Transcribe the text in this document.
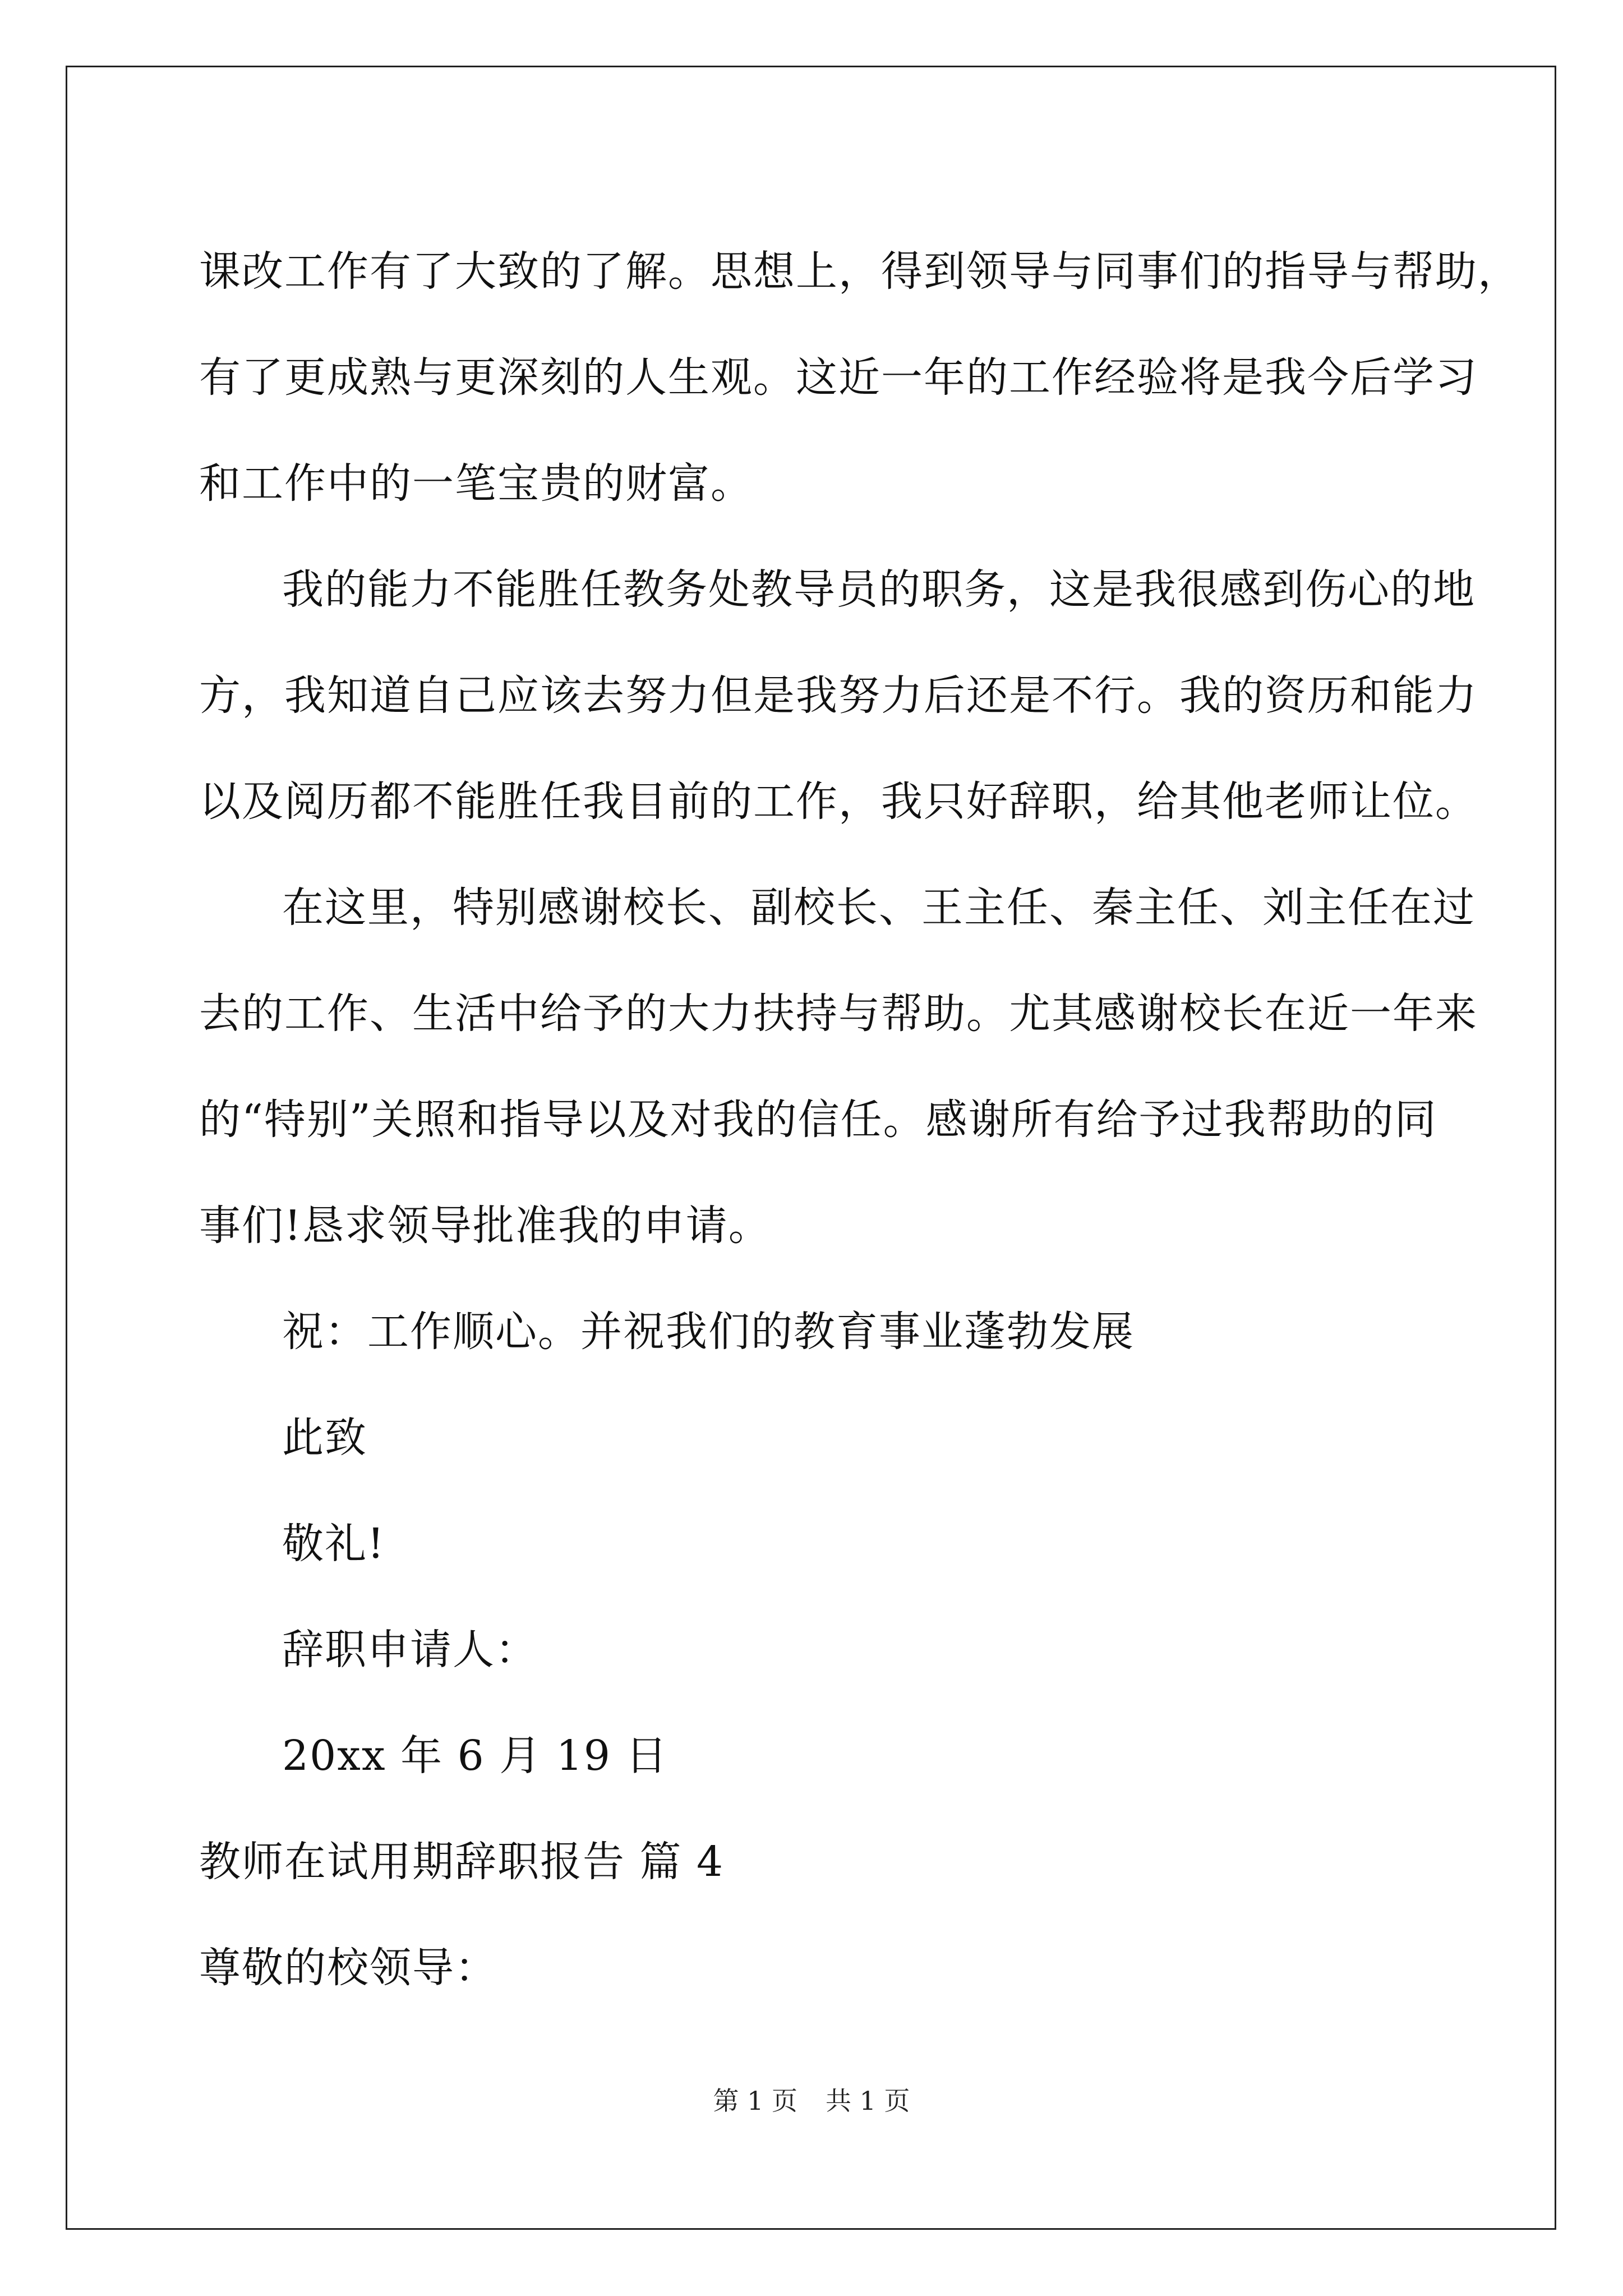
课改工作有了大致的了解。思想上，得到领导与同事们的指导与帮助，
有了更成熟与更深刻的人生观。这近一年的工作经验将是我今后学习
和工作中的一笔宝贵的财富。
我的能力不能胜任教务处教导员的职务，这是我很感到伤心的地
方，我知道自己应该去努力但是我努力后还是不行。我的资历和能力
以及阅历都不能胜任我目前的工作，我只好辞职，给其他老师让位。
在这里，特别感谢校长、副校长、王主任、秦主任、刘主任在过
去的工作、生活中给予的大力扶持与帮助。尤其感谢校长在近一年来
的“特别”关照和指导以及对我的信任。感谢所有给予过我帮助的同
事们!恳求领导批准我的申请。
祝：工作顺心。并祝我们的教育事业蓬勃发展
此致
敬礼!
辞职申请人：
20xx 年 6 月 19 日
教师在试用期辞职报告 篇 4
尊敬的校领导：
第 1 页 共 1 页
